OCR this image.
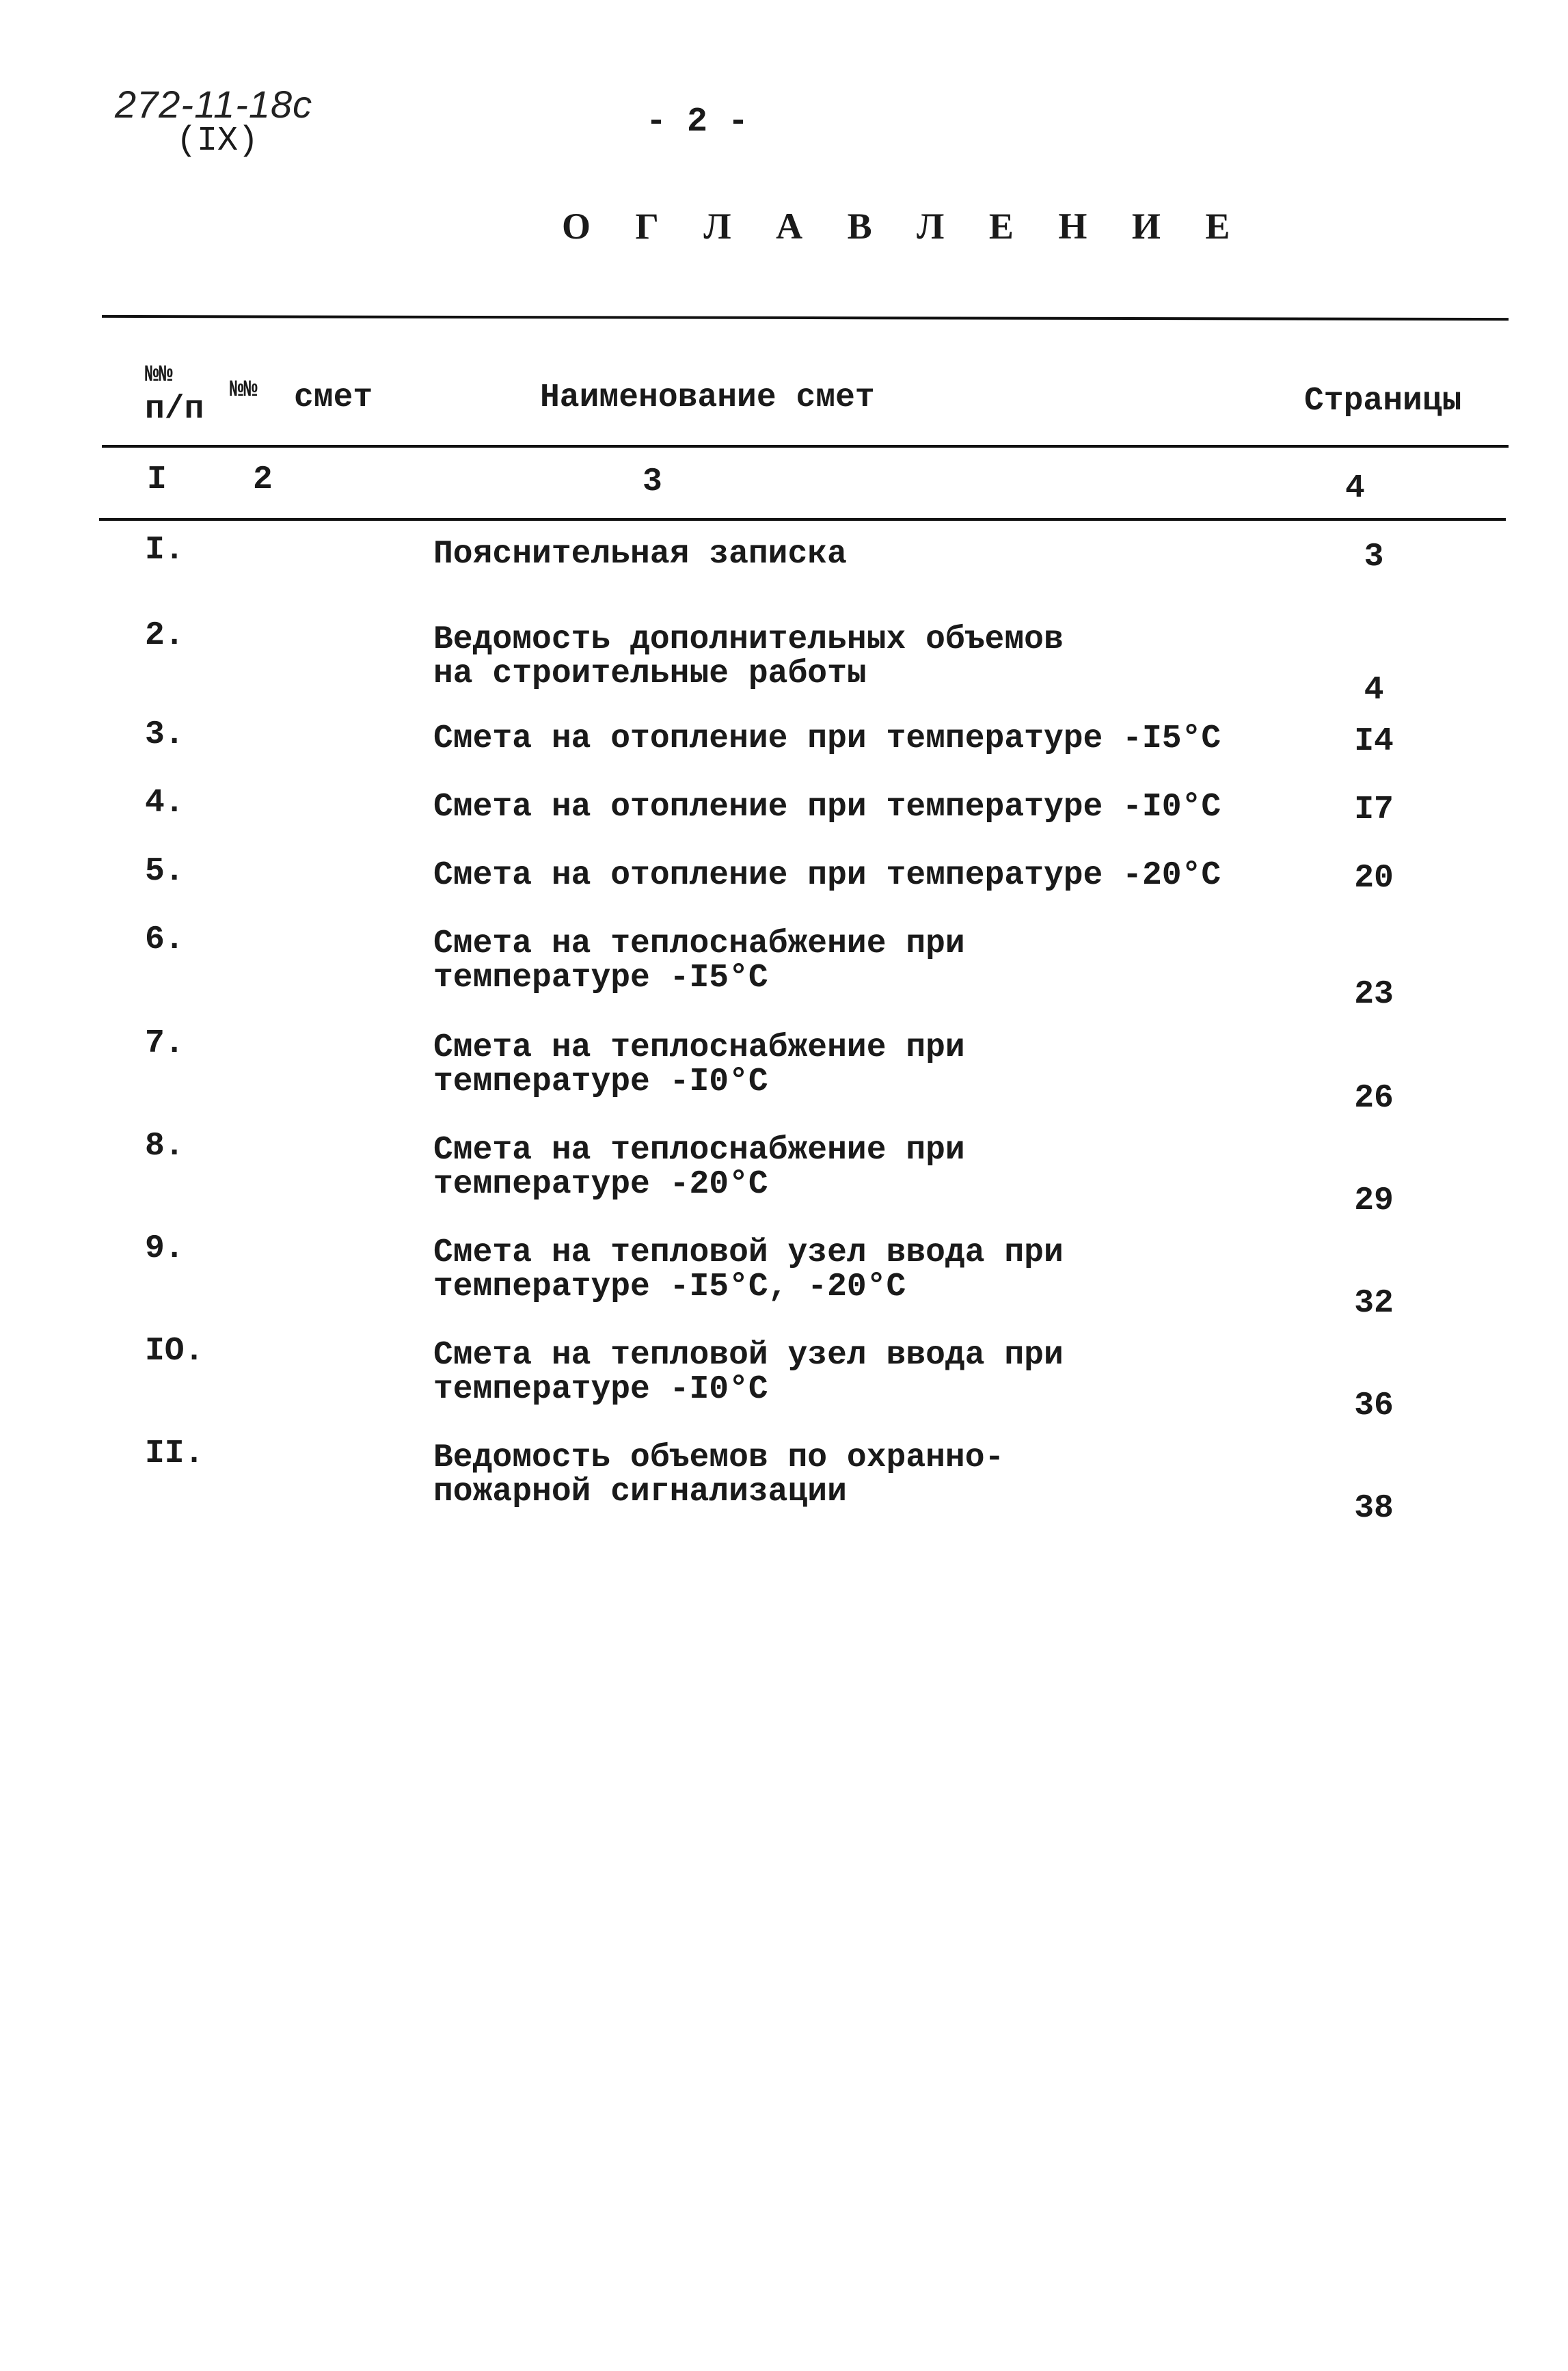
272-11-18с
(IX)	- 2 -
О Г Л А В Л Е Н И Е
№№
п/п
№№ смет	Наименование смет	Страницы
I	2	3	4
I.	Пояснительная записка	3
2.	Ведомость дополнительных объемов
на строительные работы	4
3.	Смета на отопление при температуре -I5°C	I4
4.	Смета на отопление при температуре -I0°C	I7
5.	Смета на отопление при температуре -20°C	20
6.	Смета на теплоснабжение при
температуре -I5°C	23
7.	Смета на теплоснабжение при
температуре -I0°C	26
8.	Смета на теплоснабжение при
температуре -20°C	29
9.	Смета на тепловой узел ввода при
температуре -I5°C, -20°C	32
IO.	Смета на тепловой узел ввода при
температуре -I0°C	36
II.	Ведомость объемов по охранно-
пожарной сигнализации	38
